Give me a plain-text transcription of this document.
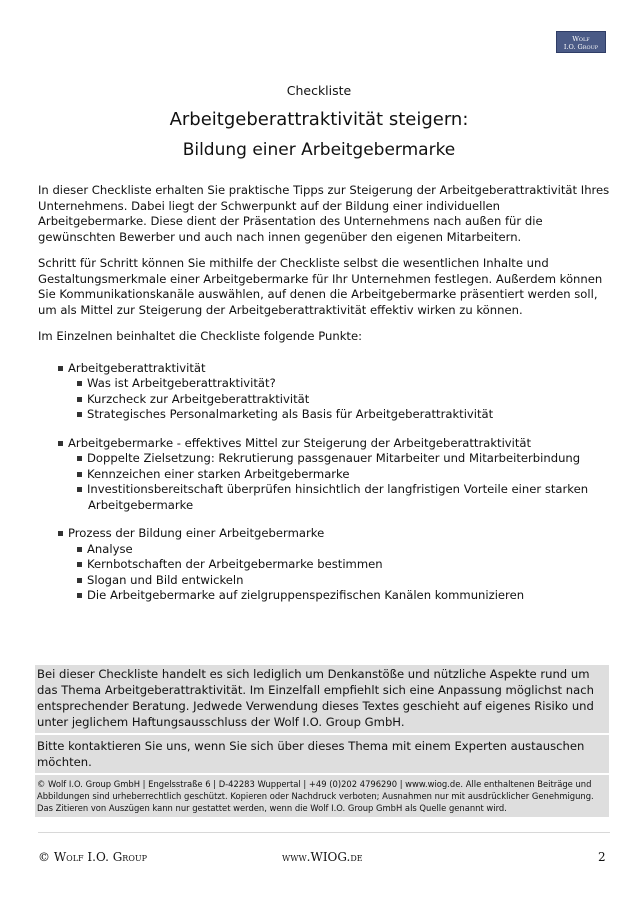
Wolf
I.O. Group
Checkliste
Arbeitgeberattraktivität steigern:
Bildung einer Arbeitgebermarke

In dieser Checkliste erhalten Sie praktische Tipps zur Steigerung der Arbeitgeberattraktivität Ihres Unternehmens. Dabei liegt der Schwerpunkt auf der Bildung einer individuellen Arbeitgebermarke. Diese dient der Präsentation des Unternehmens nach außen für die gewünschten Bewerber und auch nach innen gegenüber den eigenen Mitarbeitern.

Schritt für Schritt können Sie mithilfe der Checkliste selbst die wesentlichen Inhalte und Gestaltungsmerkmale einer Arbeitgebermarke für Ihr Unternehmen festlegen. Außerdem können Sie Kommunikationskanäle auswählen, auf denen die Arbeitgebermarke präsentiert werden soll, um als Mittel zur Steigerung der Arbeitgeberattraktivität effektiv wirken zu können.

Im Einzelnen beinhaltet die Checkliste folgende Punkte:

Arbeitgeberattraktivität
Was ist Arbeitgeberattraktivität?
Kurzcheck zur Arbeitgeberattraktivität
Strategisches Personalmarketing als Basis für Arbeitgeberattraktivität
Arbeitgebermarke - effektives Mittel zur Steigerung der Arbeitgeberattraktivität
Doppelte Zielsetzung: Rekrutierung passgenauer Mitarbeiter und Mitarbeiterbindung
Kennzeichen einer starken Arbeitgebermarke
Investitionsbereitschaft überprüfen hinsichtlich der langfristigen Vorteile einer starken Arbeitgebermarke
Prozess der Bildung einer Arbeitgebermarke
Analyse
Kernbotschaften der Arbeitgebermarke bestimmen
Slogan und Bild entwickeln
Die Arbeitgebermarke auf zielgruppenspezifischen Kanälen kommunizieren
Bei dieser Checkliste handelt es sich lediglich um Denkanstöße und nützliche Aspekte rund um das Thema Arbeitgeberattraktivität. Im Einzelfall empfiehlt sich eine Anpassung möglichst nach entsprechender Beratung. Jedwede Verwendung dieses Textes geschieht auf eigenes Risiko und unter jeglichem Haftungsausschluss der Wolf I.O. Group GmbH.
Bitte kontaktieren Sie uns, wenn Sie sich über dieses Thema mit einem Experten austauschen möchten.
© Wolf I.O. Group GmbH | Engelsstraße 6 | D-42283 Wuppertal | +49 (0)202 4796290 | www.wiog.de. Alle enthaltenen Beiträge und Abbildungen sind urheberrechtlich geschützt. Kopieren oder Nachdruck verboten; Ausnahmen nur mit ausdrücklicher Genehmigung. Das Zitieren von Auszügen kann nur gestattet werden, wenn die Wolf I.O. Group GmbH als Quelle genannt wird.
© Wolf I.O. Group	www.WIOG.de	2
